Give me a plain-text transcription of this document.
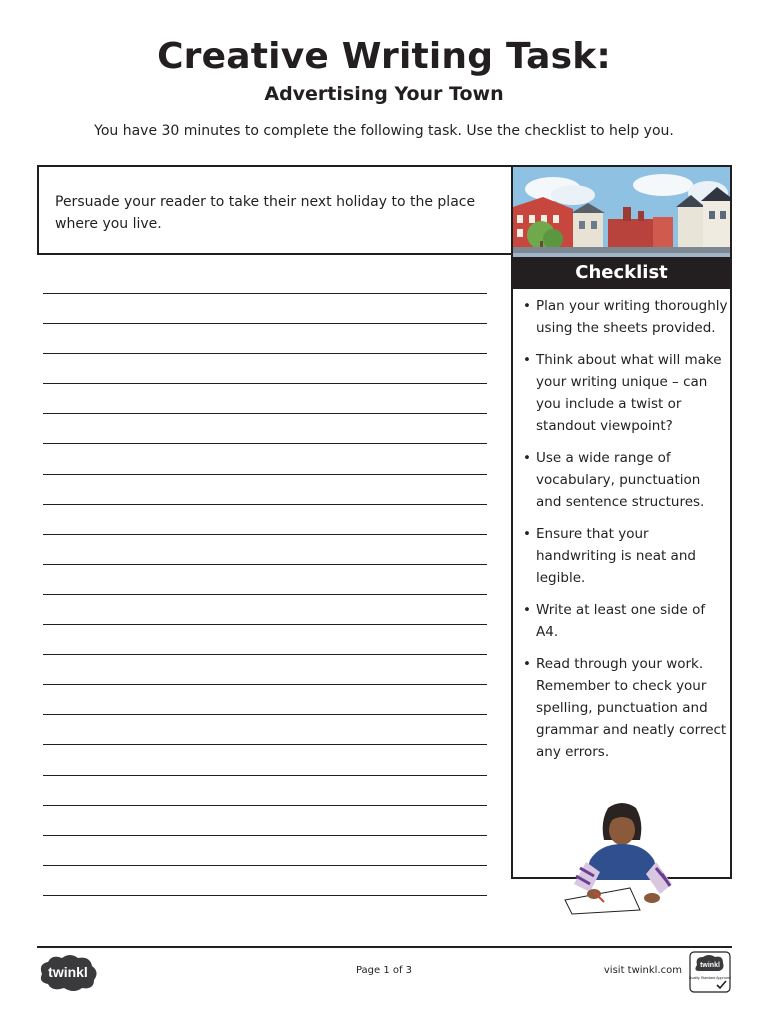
Creative Writing Task:
Advertising Your Town
You have 30 minutes to complete the following task. Use the checklist to help you.
Persuade your reader to take their next holiday to the place where you live.
Checklist
• Plan your writing thoroughly using the sheets provided.
• Think about what will make your writing unique – can you include a twist or standout viewpoint?
• Use a wide range of vocabulary, punctuation and sentence structures.
• Ensure that your handwriting is neat and legible.
• Write at least one side of A4.
• Read through your work. Remember to check your spelling, punctuation and grammar and neatly correct any errors.
twinkl	Page 1 of 3	visit twinkl.com	twinkl
Quality Standard Approved
